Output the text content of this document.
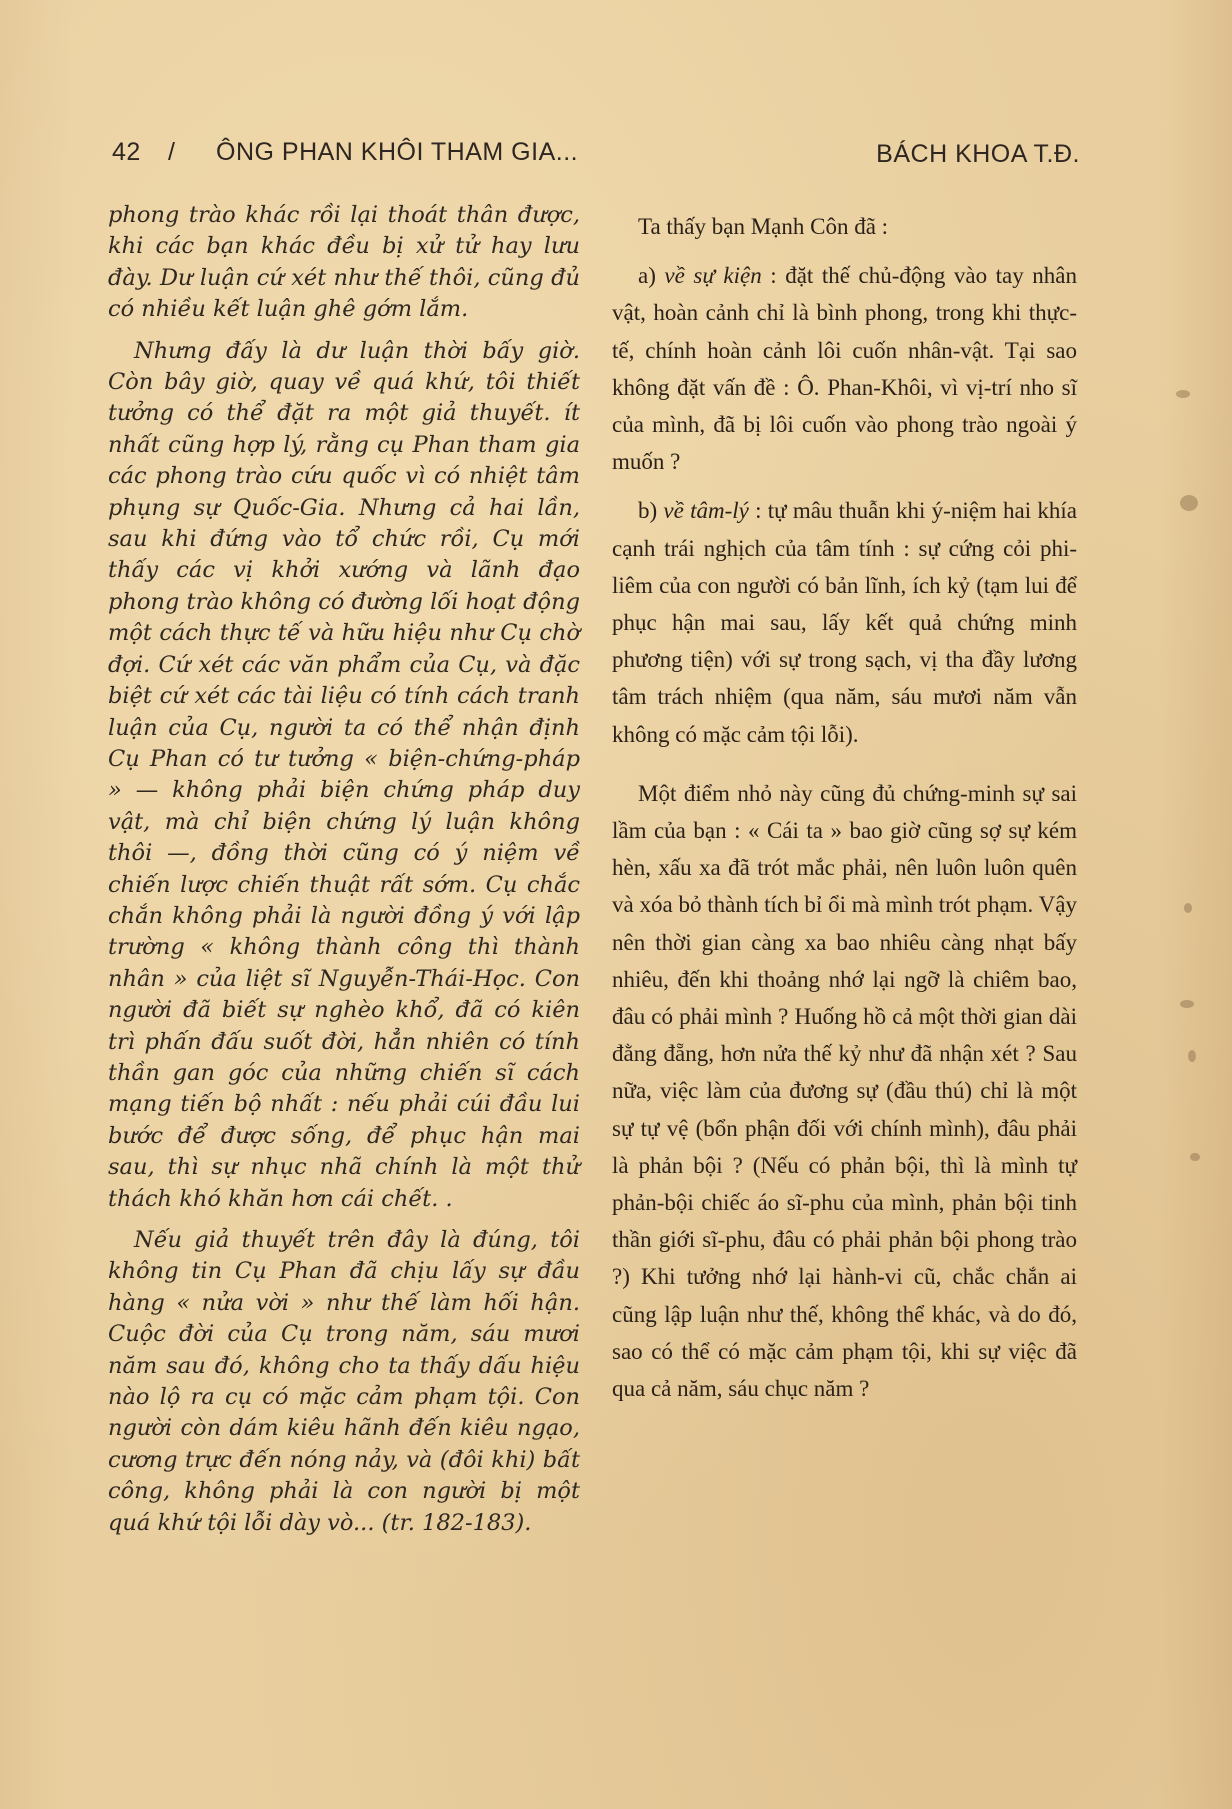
42 / ÔNG PHAN KHÔI THAM GIA...	BÁCH KHOA T.Đ.

phong trào khác rồi lại thoát thân được, khi các bạn khác đều bị xử tử hay lưu đày. Dư luận cứ xét như thế thôi, cũng đủ có nhiều kết luận ghê gớm lắm.

Nhưng đấy là dư luận thời bấy giờ. Còn bây giờ, quay về quá khứ, tôi thiết tưởng có thể đặt ra một giả thuyết. ít nhất cũng hợp lý, rằng cụ Phan tham gia các phong trào cứu quốc vì có nhiệt tâm phụng sự Quốc-Gia. Nhưng cả hai lần, sau khi đứng vào tổ chức rồi, Cụ mới thấy các vị khởi xướng và lãnh đạo phong trào không có đường lối hoạt động một cách thực tế và hữu hiệu như Cụ chờ đợi. Cứ xét các văn phẩm của Cụ, và đặc biệt cứ xét các tài liệu có tính cách tranh luận của Cụ, người ta có thể nhận định Cụ Phan có tư tưởng « biện-chứng-pháp » — không phải biện chứng pháp duy vật, mà chỉ biện chứng lý luận không thôi —, đồng thời cũng có ý niệm về chiến lược chiến thuật rất sớm. Cụ chắc chắn không phải là người đồng ý với lập trường « không thành công thì thành nhân » của liệt sĩ Nguyễn-Thái-Học. Con người đã biết sự nghèo khổ, đã có kiên trì phấn đấu suốt đời, hẳn nhiên có tính thần gan góc của những chiến sĩ cách mạng tiến bộ nhất : nếu phải cúi đầu lui bước để được sống, để phục hận mai sau, thì sự nhục nhã chính là một thử thách khó khăn hơn cái chết. .

Nếu giả thuyết trên đây là đúng, tôi không tin Cụ Phan đã chịu lấy sự đầu hàng « nửa vời » như thế làm hối hận. Cuộc đời của Cụ trong năm, sáu mươi năm sau đó, không cho ta thấy dấu hiệu nào lộ ra cụ có mặc cảm phạm tội. Con người còn dám kiêu hãnh đến kiêu ngạo, cương trực đến nóng nảy, và (đôi khi) bất công, không phải là con người bị một quá khứ tội lỗi dày vò... (tr. 182-183).

Ta thấy bạn Mạnh Côn đã :

a) về sự kiện : đặt thế chủ-động vào tay nhân vật, hoàn cảnh chỉ là bình phong, trong khi thực-tế, chính hoàn cảnh lôi cuốn nhân-vật. Tại sao không đặt vấn đề : Ô. Phan-Khôi, vì vị-trí nho sĩ của mình, đã bị lôi cuốn vào phong trào ngoài ý muốn ?

b) về tâm-lý : tự mâu thuẫn khi ý-niệm hai khía cạnh trái nghịch của tâm tính : sự cứng cỏi phi-liêm của con người có bản lĩnh, ích kỷ (tạm lui để phục hận mai sau, lấy kết quả chứng minh phương tiện) với sự trong sạch, vị tha đầy lương tâm trách nhiệm (qua năm, sáu mươi năm vẫn không có mặc cảm tội lỗi).

Một điểm nhỏ này cũng đủ chứng-minh sự sai lầm của bạn : « Cái ta » bao giờ cũng sợ sự kém hèn, xấu xa đã trót mắc phải, nên luôn luôn quên và xóa bỏ thành tích bỉ ổi mà mình trót phạm. Vậy nên thời gian càng xa bao nhiêu càng nhạt bấy nhiêu, đến khi thoảng nhớ lại ngỡ là chiêm bao, đâu có phải mình ? Huống hồ cả một thời gian dài đằng đẵng, hơn nửa thế kỷ như đã nhận xét ? Sau nữa, việc làm của đương sự (đầu thú) chỉ là một sự tự vệ (bổn phận đối với chính mình), đâu phải là phản bội ? (Nếu có phản bội, thì là mình tự phản-bội chiếc áo sĩ-phu của mình, phản bội tinh thần giới sĩ-phu, đâu có phải phản bội phong trào ?) Khi tưởng nhớ lại hành-vi cũ, chắc chắn ai cũng lập luận như thế, không thể khác, và do đó, sao có thể có mặc cảm phạm tội, khi sự việc đã qua cả năm, sáu chục năm ?
